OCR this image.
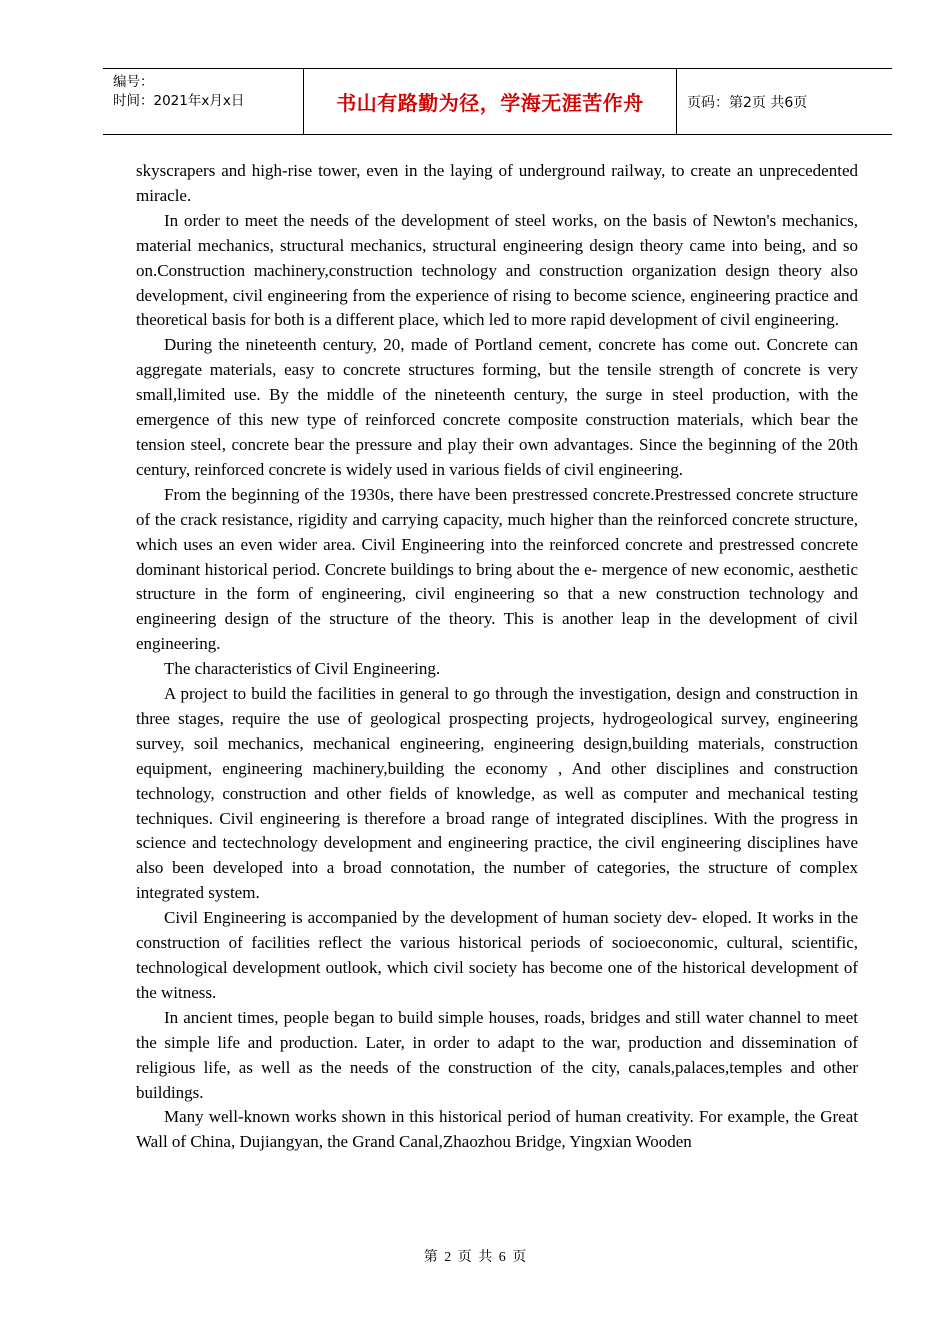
编号：
时间：2021年x月x日	书山有路勤为径，学海无涯苦作舟	页码：第2页 共6页

skyscrapers and high-rise tower, even in the laying of underground railway, to create an unprecedented miracle.

In order to meet the needs of the development of steel works, on the basis of Newton's mechanics, material mechanics, structural mechanics, structural engineering design theory came into being, and so on.Construction machinery,construction technology and construction organization design theory also development, civil engineering from the experience of rising to become science, engineering practice and theoretical basis for both is a different place, which led to more rapid development of civil engineering.

During the nineteenth century, 20, made of Portland cement, concrete has come out. Concrete can aggregate materials, easy to concrete structures forming, but the tensile strength of concrete is very small,limited use. By the middle of the nineteenth century, the surge in steel production, with the emergence of this new type of reinforced concrete composite construction materials, which bear the tension steel, concrete bear the pressure and play their own advantages. Since the beginning of the 20th century, reinforced concrete is widely used in various fields of civil engineering.

From the beginning of the 1930s, there have been prestressed concrete.Prestressed concrete structure of the crack resistance, rigidity and carrying capacity, much higher than the reinforced concrete structure, which uses an even wider area. Civil Engineering into the reinforced concrete and prestressed concrete dominant historical period. Concrete buildings to bring about the e- mergence of new economic, aesthetic structure in the form of engineering, civil engineering so that a new construction technology and engineering design of the structure of the theory. This is another leap in the development of civil engineering.

The characteristics of Civil Engineering.

A project to build the facilities in general to go through the investigation, design and construction in three stages, require the use of geological prospecting projects, hydrogeological survey, engineering survey, soil mechanics, mechanical engineering, engineering design,building materials, construction equipment, engineering machinery,building the economy , And other disciplines and construction technology, construction and other fields of knowledge, as well as computer and mechanical testing techniques. Civil engineering is therefore a broad range of integrated disciplines. With the progress in science and tectechnology development and engineering practice, the civil engineering disciplines have also been developed into a broad connotation, the number of categories, the structure of complex integrated system.

Civil Engineering is accompanied by the development of human society dev- eloped. It works in the construction of facilities reflect the various historical periods of socioeconomic, cultural, scientific, technological development outlook, which civil society has become one of the historical development of the witness.

In ancient times, people began to build simple houses, roads, bridges and still water channel to meet the simple life and production. Later, in order to adapt to the war, production and dissemination of religious life, as well as the needs of the construction of the city, canals,palaces,temples and other buildings.

Many well-known works shown in this historical period of human creativity. For example, the Great Wall of China, Dujiangyan, the Grand Canal,Zhaozhou Bridge, Yingxian Wooden

第 2 页 共 6 页
